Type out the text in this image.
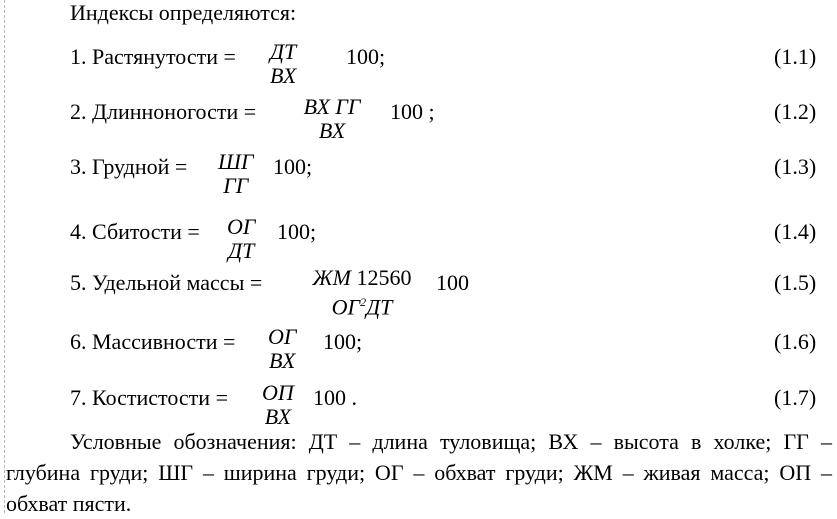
Индексы определяются:
1. Растянутости = ДТ
ВХ
100;	(1.1)
2. Длинноногости =	ВХ ГГ
ВХ
100 ;	(1.2)
3. Грудной = ШГ
ГГ
100;	(1.3)
4. Сбитости = ОГ
ДТ
100;	(1.4)
5. Удельной массы =	ЖМ 12560
$ОГ^2ДТ$
100	(1.5)
6. Массивности = ОГ
ВХ
100;	(1.6)
7. Костистости = ОП
ВХ
100 .	(1.7)
Условные обозначения: ДТ – длина туловища; ВХ – высота в холке; ГГ – глубина груди; ШГ – ширина груди; ОГ – обхват груди; ЖМ – живая масса; ОП – обхват пясти.
